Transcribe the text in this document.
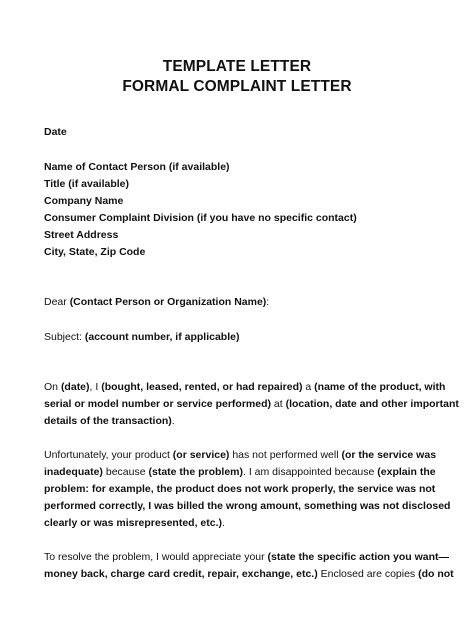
TEMPLATE LETTER
FORMAL COMPLAINT LETTER
Date
Name of Contact Person (if available)
Title (if available)
Company Name
Consumer Complaint Division (if you have no specific contact)
Street Address
City, State, Zip Code
Dear (Contact Person or Organization Name):
Subject: (account number, if applicable)
On (date), I (bought, leased, rented, or had repaired) a (name of the product, with
serial or model number or service performed) at (location, date and other important
details of the transaction).
Unfortunately, your product (or service) has not performed well (or the service was
inadequate) because (state the problem). I am disappointed because (explain the
problem: for example, the product does not work properly, the service was not
performed correctly, I was billed the wrong amount, something was not disclosed
clearly or was misrepresented, etc.).
To resolve the problem, I would appreciate your (state the specific action you want—
money back, charge card credit, repair, exchange, etc.) Enclosed are copies (do not
